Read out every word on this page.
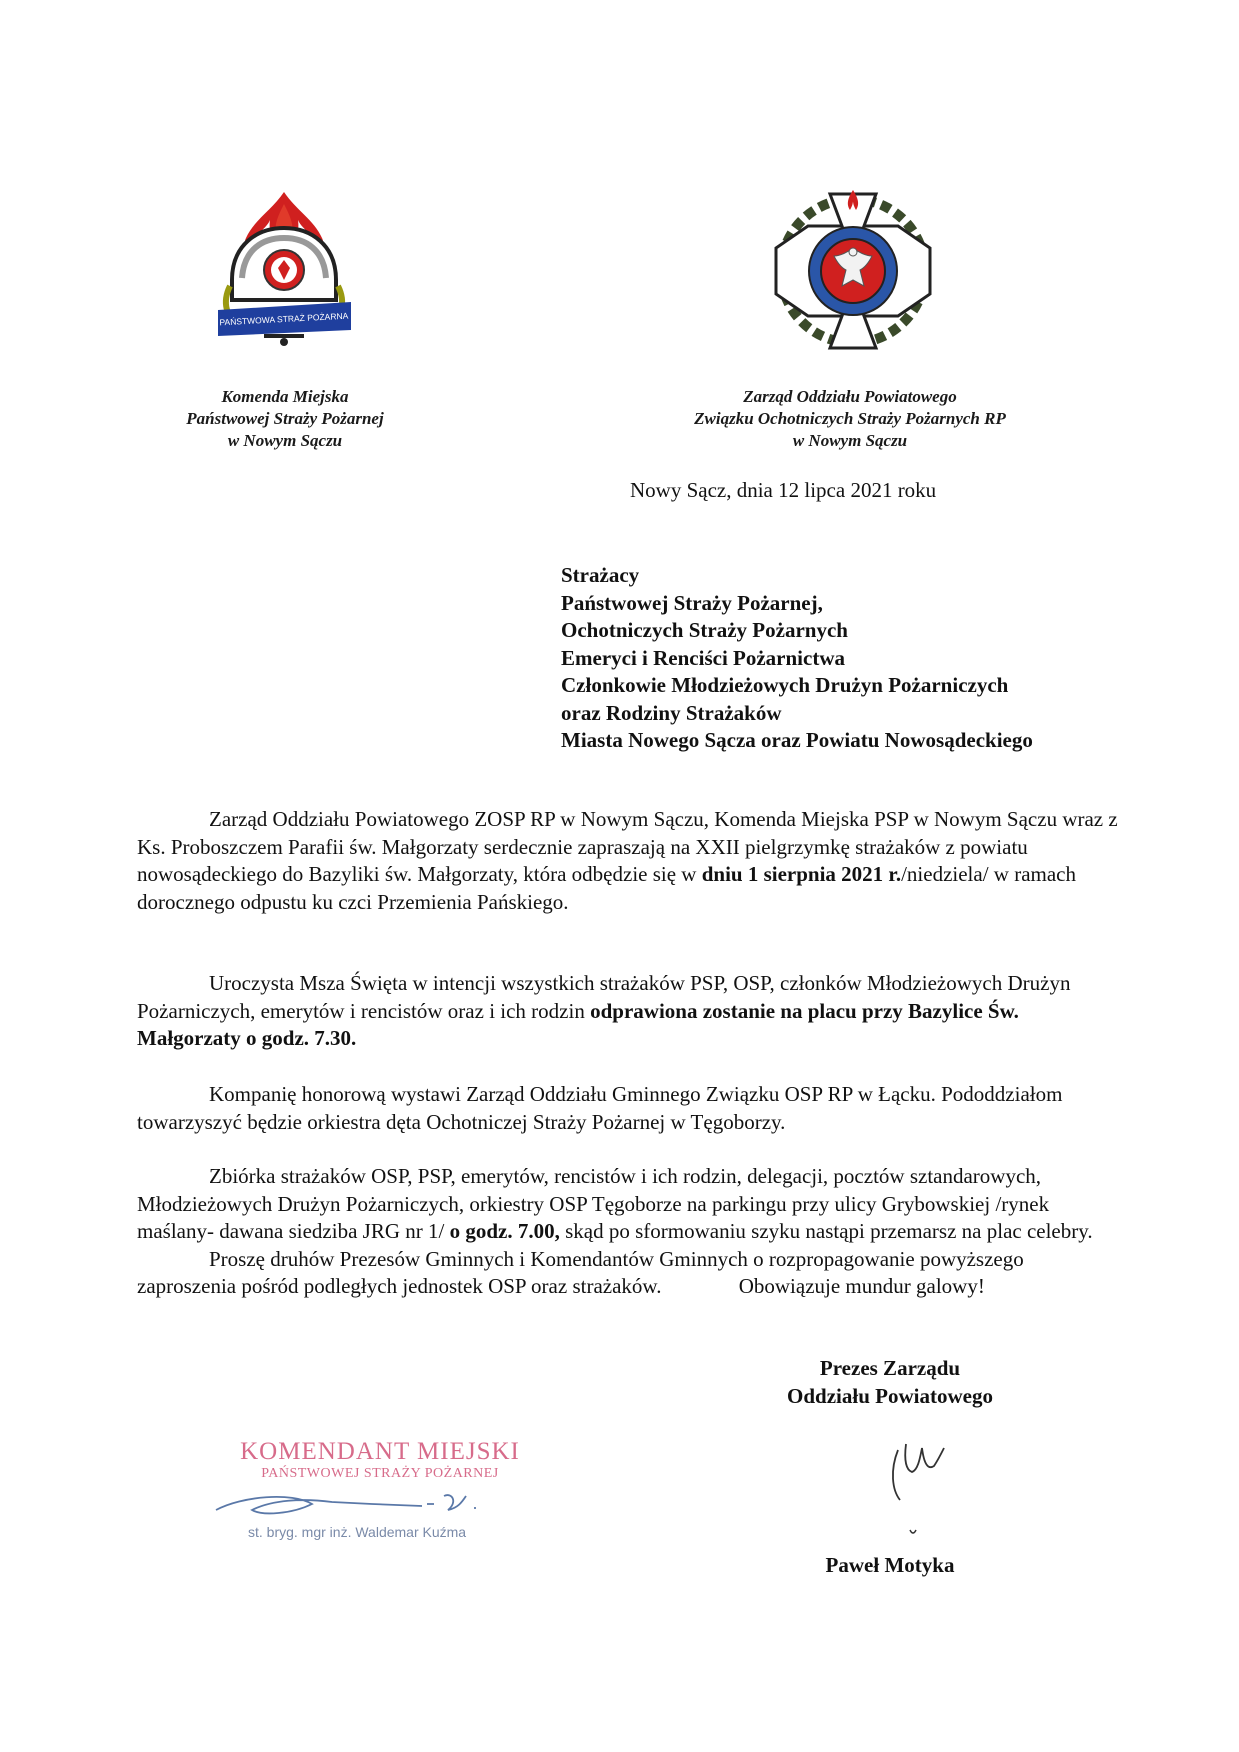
PAŃSTWOWA STRAŻ POŻARNA
Komenda Miejska
Państwowej Straży Pożarnej
w Nowym Sączu
Zarząd Oddziału Powiatowego
Związku Ochotniczych Straży Pożarnych RP
w Nowym Sączu
Nowy Sącz, dnia 12 lipca 2021 roku
Strażacy
Państwowej Straży Pożarnej,
Ochotniczych Straży Pożarnych
Emeryci i Renciści Pożarnictwa
Członkowie Młodzieżowych Drużyn Pożarniczych
oraz Rodziny Strażaków
Miasta Nowego Sącza oraz Powiatu Nowosądeckiego
Zarząd Oddziału Powiatowego ZOSP RP w Nowym Sączu, Komenda Miejska PSP w Nowym Sączu wraz z Ks. Proboszczem Parafii św. Małgorzaty serdecznie zapraszają na XXII pielgrzymkę strażaków z powiatu nowosądeckiego do Bazyliki św. Małgorzaty, która odbędzie się w dniu 1 sierpnia 2021 r./niedziela/ w ramach dorocznego odpustu ku czci Przemienia Pańskiego.
Uroczysta Msza Święta w intencji wszystkich strażaków PSP, OSP, członków Młodzieżowych Drużyn Pożarniczych, emerytów i rencistów oraz i ich rodzin odprawiona zostanie na placu przy Bazylice Św. Małgorzaty o godz. 7.30.
Kompanię honorową wystawi Zarząd Oddziału Gminnego Związku OSP RP w Łącku. Pododdziałom towarzyszyć będzie orkiestra dęta Ochotniczej Straży Pożarnej w Tęgoborzy.
Zbiórka strażaków OSP, PSP, emerytów, rencistów i ich rodzin, delegacji, pocztów sztandarowych, Młodzieżowych Drużyn Pożarniczych, orkiestry OSP Tęgoborze na parkingu przy ulicy Grybowskiej /rynek maślany- dawana siedziba JRG nr 1/ o godz. 7.00, skąd po sformowaniu szyku nastąpi przemarsz na plac celebry. Proszę druhów Prezesów Gminnych i Komendantów Gminnych o rozpropagowanie powyższego zaproszenia pośród podległych jednostek OSP oraz strażaków.	Obowiązuje mundur galowy!
Prezes Zarządu
Oddziału Powiatowego
Paweł Motyka
KOMENDANT MIEJSKI
PAŃSTWOWEJ STRAŻY POŻARNEJ
st. bryg. mgr inż. Waldemar Kuźma
